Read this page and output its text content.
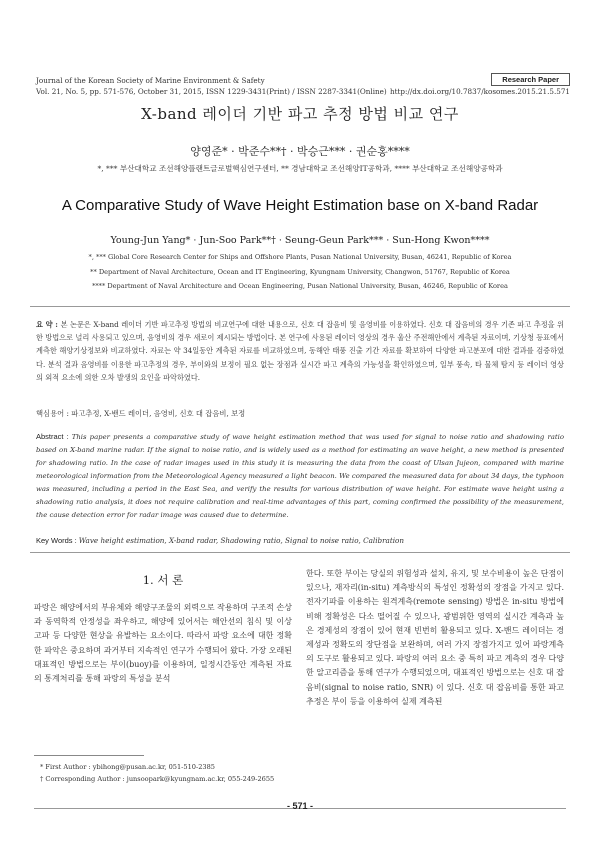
Journal of the Korean Society of Marine Environment & Safety	Research Paper
Vol. 21, No. 5, pp. 571-576, October 31, 2015, ISSN 1229-3431(Print) / ISSN 2287-3341(Online) http://dx.doi.org/10.7837/kosomes.2015.21.5.571
X-band 레이더 기반 파고 추정 방법 비교 연구
양영준* · 박준수**† · 박승근*** · 권순홍****
*, *** 부산대학교 조선해양플랜트글로벌핵심연구센터, ** 경남대학교 조선해양IT공학과, **** 부산대학교 조선해양공학과
A Comparative Study of Wave Height Estimation base on X-band Radar
Young-Jun Yang* · Jun-Soo Park**† · Seung-Geun Park*** · Sun-Hong Kwon****
*, *** Global Core Research Center for Ships and Offshore Plants, Pusan National University, Busan, 46241, Republic of Korea
** Department of Naval Architecture, Ocean and IT Engineering, Kyungnam University, Changwon, 51767, Republic of Korea
**** Department of Naval Architecture and Ocean Engineering, Pusan National University, Busan, 46246, Republic of Korea
요 약 : 본 논문은 X-band 레이더 기반 파고추정 방법의 비교연구에 대한 내용으로, 신호 대 잡음비 및 음영비를 이용하였다. 신호 대 잡음비의 경우 기존 파고 추정을 위한 방법으로 널리 사용되고 있으며, 음영비의 경우 새로이 제시되는 방법이다. 본 연구에 사용된 레이더 영상의 경우 울산 주전해안에서 계측된 자료이며, 기상청 등표에서 계측한 해양기상정보와 비교하였다. 자료는 약 34일동안 계측된 자료를 비교하였으며, 동해안 태풍 진출 기간 자료를 확보하여 다양한 파고분포에 대한 결과를 검증하였다. 분석 결과 음영비를 이용한 파고추정의 경우, 부이와의 보정이 필요 없는 장점과 실시간 파고 계측의 가능성을 확인하였으며, 일부 풍속, 타 물체 탐지 등 레이더 영상의 외적 요소에 의한 오차 발생의 요인을 파악하였다.
핵심용어 : 파고추정, X-밴드 레이더, 음영비, 신호 대 잡음비, 보정
Abstract : This paper presents a comparative study of wave height estimation method that was used for signal to noise ratio and shadowing ratio based on X-band marine radar. If the signal to noise ratio, and is widely used as a method for estimating an wave height, a new method is presented for shadowing ratio. In the case of radar images used in this study it is measuring the data from the coast of Ulsan Jujeon, compared with marine meteorological information from the Meteorological Agency measured a light beacon. We compared the measured data for about 34 days, the typhoon was measured, including a period in the East Sea, and verify the results for various distribution of wave height. For estimate wave height using a shadowing ratio analysis, it does not require calibration and real-time advantages of this part, coming confirmed the possibility of the measurement, the cause detection error for radar image was caused due to determine.
Key Words : Wave height estimation, X-band radar, Shadowing ratio, Signal to noise ratio, Calibration
1. 서 론
파랑은 해양에서의 부유체와 해양구조물의 외력으로 작용하며 구조적 손상과 동역학적 안정성을 좌우하고, 해양에 있어서는 해안선의 침식 및 이상 고파 등 다양한 현상을 유발하는 요소이다. 따라서 파랑 요소에 대한 정확한 파악은 중요하며 과거부터 지속적인 연구가 수행되어 왔다. 가장 오래된 대표적인 방법으로는 부이(buoy)를 이용하며, 일정시간동안 계측된 자료의 통계처리를 통해 파랑의 특성을 분석
한다. 또한 부이는 당실의 위험성과 설치, 유지, 및 보수비용이 높은 단점이 있으나, 재자리(in-situ) 계측방식의 특성인 정확성의 장점을 가지고 있다. 전자기파를 이용하는 원격계측(remote sensing) 방법은 in-situ 방법에 비해 정확성은 다소 떨어질 수 있으나, 광범위한 영역의 실시간 계측과 높은 경제성의 장점이 있어 현재 빈번히 활용되고 있다. X-밴드 레이더는 경제성과 정확도의 장단점을 보완하며, 여러 가지 장점가지고 있어 파랑계측의 도구로 활용되고 있다. 파랑의 여러 요소 중 특히 파고 계측의 경우 다양한 알고리즘을 통해 연구가 수행되었으며, 대표적인 방법으로는 신호 대 잡음비(signal to noise ratio, SNR) 이 있다. 신호 대 잡음비를 통한 파고추정은 부이 등을 이용하여 실제 계측된
* First Author : ybihong@pusan.ac.kr, 051-510-2385
† Corresponding Author : junsoopark@kyungnam.ac.kr, 055-249-2655
- 571 -
